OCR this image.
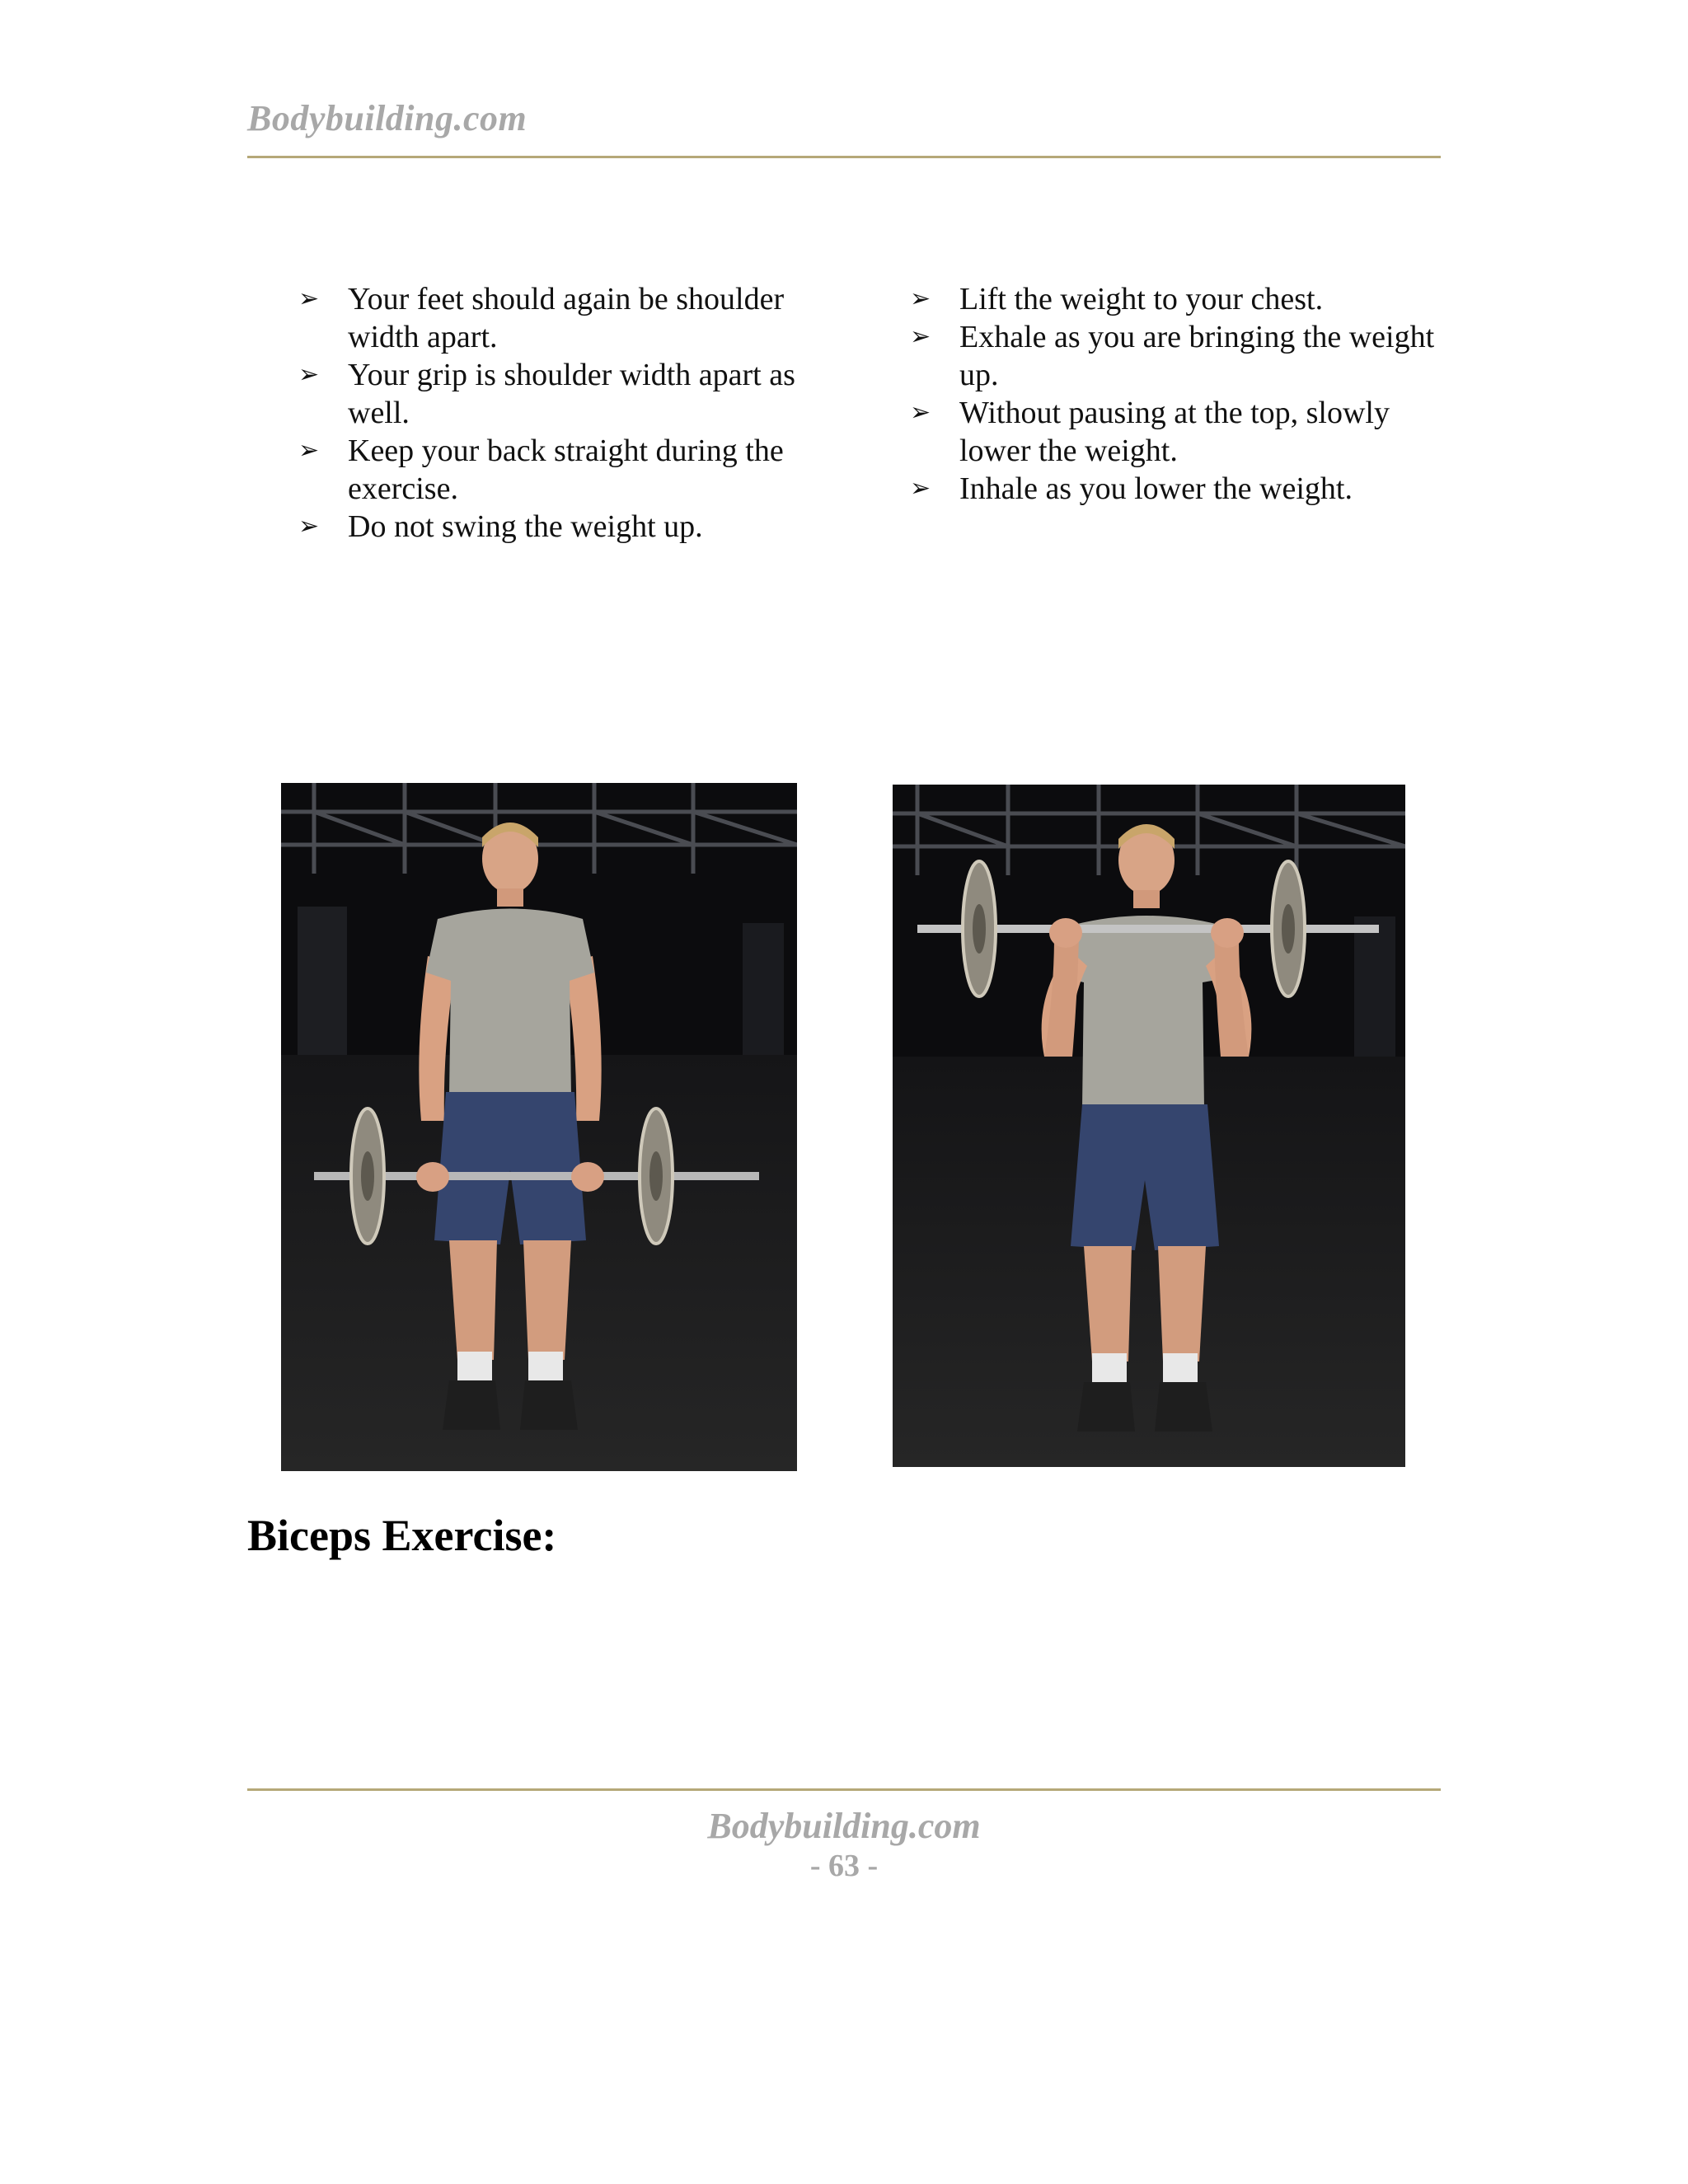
Bodybuilding.com
➢ Your feet should again be shoulder width apart.
➢ Your grip is shoulder width apart as well.
➢ Keep your back straight during the exercise.
➢ Do not swing the weight up.
➢ Lift the weight to your chest.
➢ Exhale as you are bringing the weight up.
➢ Without pausing at the top, slowly lower the weight.
➢ Inhale as you lower the weight.
Biceps Exercise:
Bodybuilding.com
- 63 -
